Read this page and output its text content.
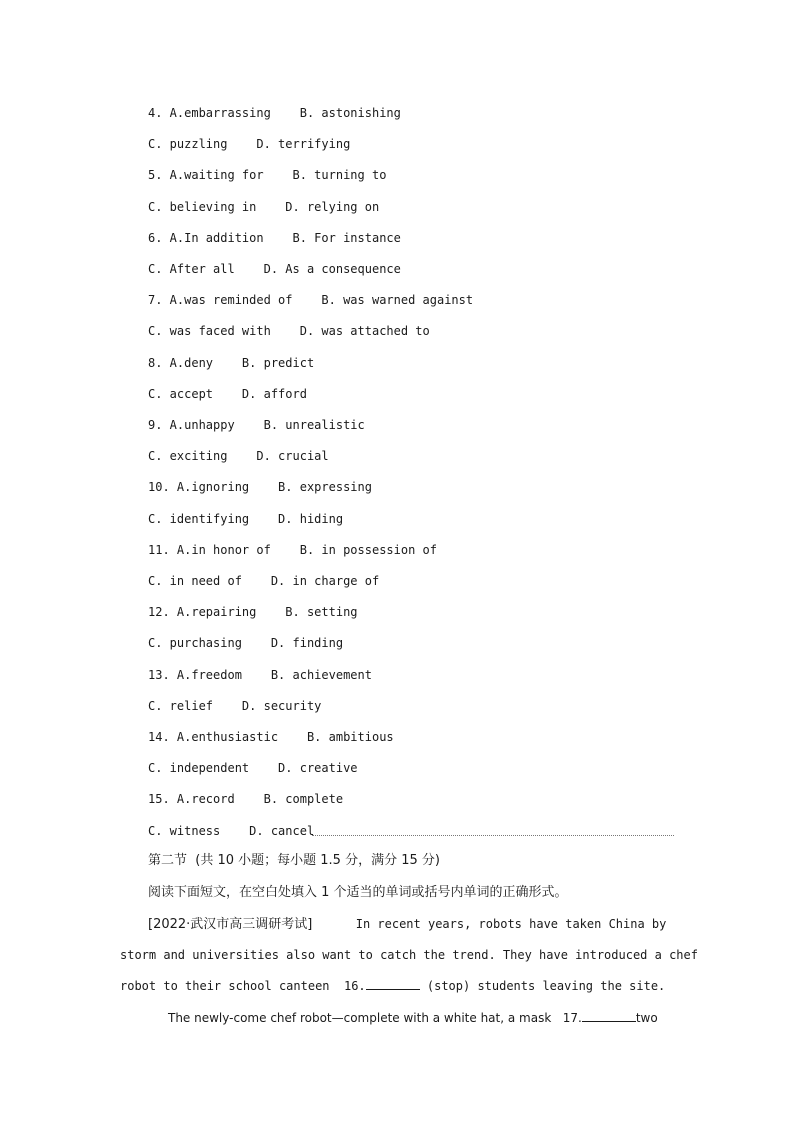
4. A.embarrassing    B. astonishing
C. puzzling    D. terrifying
5. A.waiting for    B. turning to
C. believing in    D. relying on
6. A.In addition    B. For instance
C. After all    D. As a consequence
7. A.was reminded of    B. was warned against
C. was faced with    D. was attached to
8. A.deny    B. predict
C. accept    D. afford
9. A.unhappy    B. unrealistic
C. exciting    D. crucial
10. A.ignoring    B. expressing
C. identifying    D. hiding
11. A.in honor of    B. in possession of
C. in need of    D. in charge of
12. A.repairing    B. setting
C. purchasing    D. finding
13. A.freedom    B. achievement
C. relief    D. security
14. A.enthusiastic    B. ambitious
C. independent    D. creative
15. A.record    B. complete
C. witness    D. cancel
第二节  (共 10 小题；每小题 1.5 分，满分 15 分)
阅读下面短文，在空白处填入 1 个适当的单词或括号内单词的正确形式。
[2022·武汉市高三调研考试]      In recent years, robots have taken China by
storm and universities also want to catch the trend. They have introduced a chef
robot to their school canteen  16.	(stop) students leaving the site.
The newly-come chef robot—complete with a white hat, a mask   17.	two
